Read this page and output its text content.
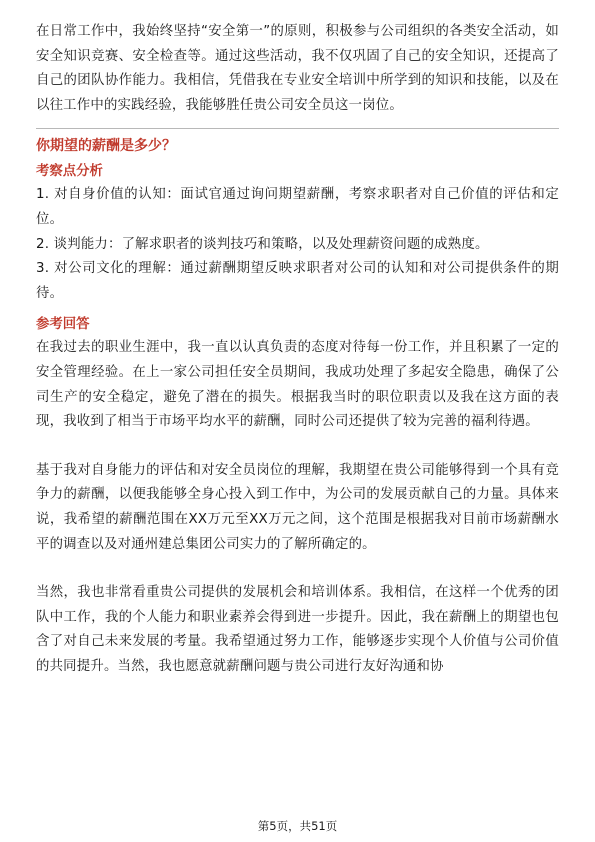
在日常工作中，我始终坚持“安全第一”的原则，积极参与公司组织的各类安全活动，如安全知识竞赛、安全检查等。通过这些活动，我不仅巩固了自己的安全知识，还提高了自己的团队协作能力。我相信，凭借我在专业安全培训中所学到的知识和技能，以及在以往工作中的实践经验，我能够胜任贵公司安全员这一岗位。

你期望的薪酬是多少？

考察点分析

1. 对自身价值的认知：面试官通过询问期望薪酬，考察求职者对自己价值的评估和定位。

2. 谈判能力：了解求职者的谈判技巧和策略，以及处理薪资问题的成熟度。

3. 对公司文化的理解：通过薪酬期望反映求职者对公司的认知和对公司提供条件的期待。

参考回答

在我过去的职业生涯中，我一直以认真负责的态度对待每一份工作，并且积累了一定的安全管理经验。在上一家公司担任安全员期间，我成功处理了多起安全隐患，确保了公司生产的安全稳定，避免了潜在的损失。根据我当时的职位职责以及我在这方面的表现，我收到了相当于市场平均水平的薪酬，同时公司还提供了较为完善的福利待遇。

基于我对自身能力的评估和对安全员岗位的理解，我期望在贵公司能够得到一个具有竞争力的薪酬，以便我能够全身心投入到工作中，为公司的发展贡献自己的力量。具体来说，我希望的薪酬范围在XX万元至XX万元之间，这个范围是根据我对目前市场薪酬水平的调查以及对通州建总集团公司实力的了解所确定的。

当然，我也非常看重贵公司提供的发展机会和培训体系。我相信，在这样一个优秀的团队中工作，我的个人能力和职业素养会得到进一步提升。因此，我在薪酬上的期望也包含了对自己未来发展的考量。我希望通过努力工作，能够逐步实现个人价值与公司价值的共同提升。当然，我也愿意就薪酬问题与贵公司进行友好沟通和协

第5页，共51页
